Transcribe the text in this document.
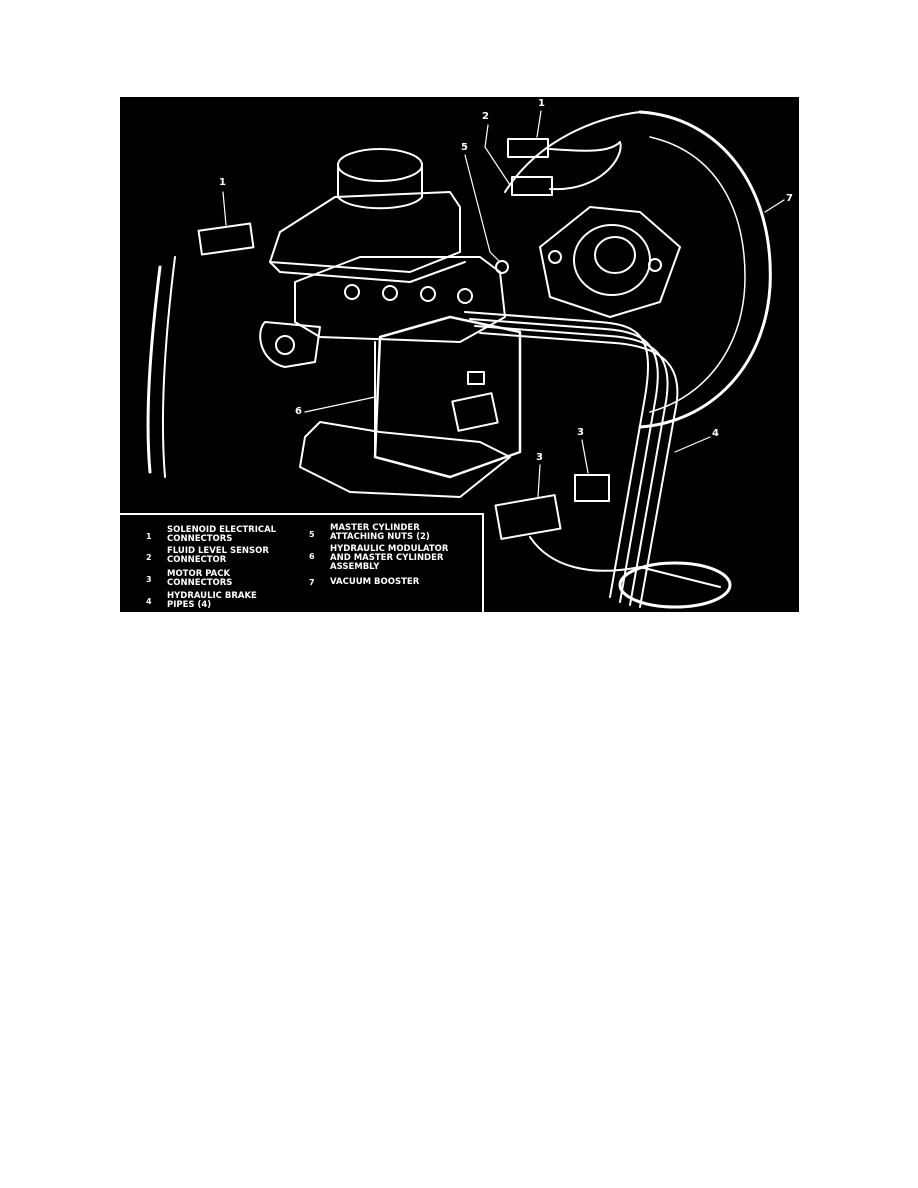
1
1
2
3
3
4
5
6
7
1
SOLENOID ELECTRICAL
CONNECTORS
2
FLUID LEVEL SENSOR
CONNECTOR
3
MOTOR PACK
CONNECTORS
4
HYDRAULIC BRAKE
PIPES (4)
5
MASTER CYLINDER
ATTACHING NUTS (2)
6
HYDRAULIC MODULATOR
AND MASTER CYLINDER
ASSEMBLY
7 VACUUM BOOSTER
